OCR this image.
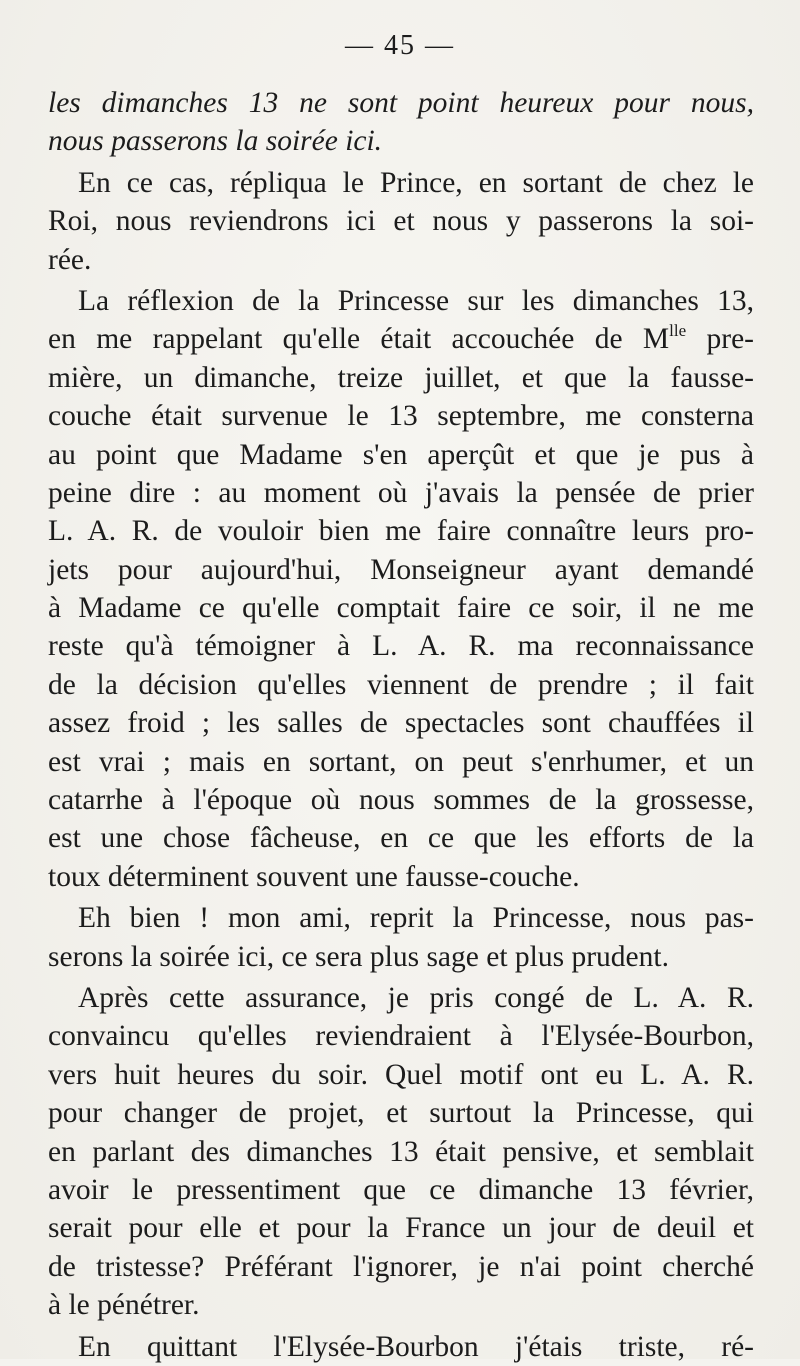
— 45 —
les dimanches 13 ne sont point heureux pour nous,
nous passerons la soirée ici.
En ce cas, répliqua le Prince, en sortant de chez le
Roi, nous reviendrons ici et nous y passerons la soi-
rée.
La réflexion de la Princesse sur les dimanches 13,
en me rappelant qu'elle était accouchée de $M^{lle}$ pre-
mière, un dimanche, treize juillet, et que la fausse-
couche était survenue le 13 septembre, me consterna
au point que Madame s'en aperçût et que je pus à
peine dire : au moment où j'avais la pensée de prier
L. A. R. de vouloir bien me faire connaître leurs pro-
jets pour aujourd'hui, Monseigneur ayant demandé
à Madame ce qu'elle comptait faire ce soir, il ne me
reste qu'à témoigner à L. A. R. ma reconnaissance
de la décision qu'elles viennent de prendre ; il fait
assez froid ; les salles de spectacles sont chauffées il
est vrai ; mais en sortant, on peut s'enrhumer, et un
catarrhe à l'époque où nous sommes de la grossesse,
est une chose fâcheuse, en ce que les efforts de la
toux déterminent souvent une fausse-couche.
Eh bien ! mon ami, reprit la Princesse, nous pas-
serons la soirée ici, ce sera plus sage et plus prudent.
Après cette assurance, je pris congé de L. A. R.
convaincu qu'elles reviendraient à l'Elysée-Bourbon,
vers huit heures du soir. Quel motif ont eu L. A. R.
pour changer de projet, et surtout la Princesse, qui
en parlant des dimanches 13 était pensive, et semblait
avoir le pressentiment que ce dimanche 13 février,
serait pour elle et pour la France un jour de deuil et
de tristesse? Préférant l'ignorer, je n'ai point cherché
à le pénétrer.
En quittant l'Elysée-Bourbon j'étais triste, ré-
